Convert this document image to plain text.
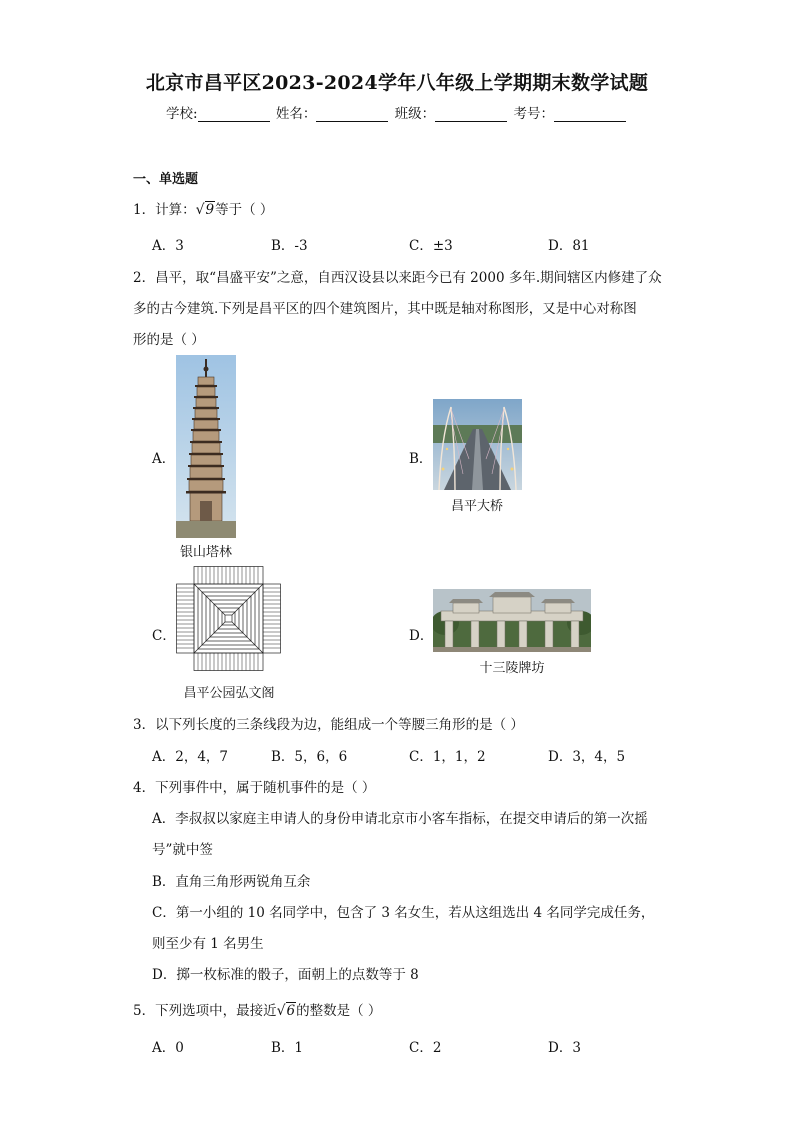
北京市昌平区2023-2024学年八年级上学期期末数学试题
学校:	姓名：	班级：	考号：
一、单选题
1．计算：√9等于（ ）
A．3	B．-3	C．±3	D．81
2．昌平，取“昌盛平安”之意，自西汉设县以来距今已有 2000 多年.期间辖区内修建了众
多的古今建筑.下列是昌平区的四个建筑图片，其中既是轴对称图形，又是中心对称图
形的是（ ）
A．
银山塔林
B．
昌平大桥
C．
昌平公园弘文阁
D．
十三陵牌坊
3．以下列长度的三条线段为边，能组成一个等腰三角形的是（ ）
A．2，4，7	B．5，6，6	C．1，1，2	D．3，4，5
4．下列事件中，属于随机事件的是（ ）
A．李叔叔以家庭主申请人的身份申请北京市小客车指标，在提交申请后的第一次摇
号”就中签
B．直角三角形两锐角互余
C．第一小组的 10 名同学中，包含了 3 名女生，若从这组选出 4 名同学完成任务，
则至少有 1 名男生
D．掷一枚标准的骰子，面朝上的点数等于 8
5．下列选项中，最接近√6的整数是（ ）
A．0	B．1	C．2	D．3
